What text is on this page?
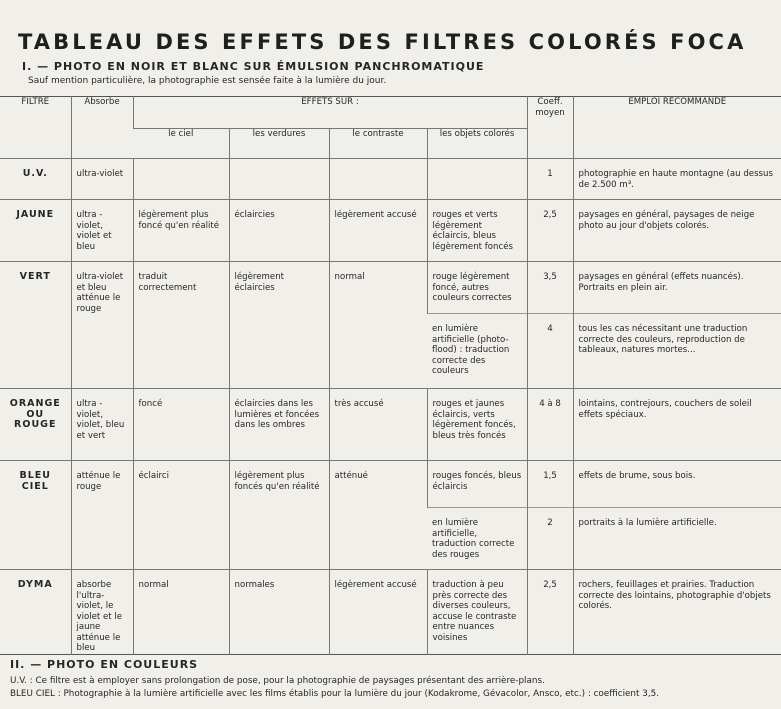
TABLEAU DES EFFETS DES FILTRES COLORÉS FOCA
I. — PHOTO EN NOIR ET BLANC SUR ÉMULSION PANCHROMATIQUE
Sauf mention particulière, la photographie est sensée faite à la lumière du jour.
FILTRE	Absorbe	EFFETS SUR :				Coeff. moyen	EMPLOI RECOMMANDÉ
		le ciel	les verdures	le contraste	les objets colorés		
U.V.	ultra-violet					1	photographie en haute montagne (au dessus de 2.500 m³.
JAUNE	ultra - violet, violet et bleu	légèrement plus foncé qu'en réalité	éclaircies	légèrement accusé	rouges et verts légèrement éclaircis, bleus légèrement foncés	2,5	paysages en général, paysages de neige photo au jour d'objets colorés.
VERT	ultra-violet et bleu atténue le rouge	traduit correctement	légèrement éclaircies	normal	rouge légèrement foncé, autres couleurs correctes	3,5	paysages en général (effets nuancés). Portraits en plein air.
					en lumière artificielle (photo-flood) : traduction correcte des couleurs	4	tous les cas nécessitant une traduction correcte des couleurs, reproduction de tableaux, natures mortes...
ORANGE OU ROUGE	ultra - violet, violet, bleu et vert	foncé	éclaircies dans les lumières et foncées dans les ombres	très accusé	rouges et jaunes éclaircis, verts légèrement foncés, bleus très foncés	4 à 8	lointains, contrejours, couchers de soleil effets spéciaux.
BLEU CIEL	atténue le rouge	éclairci	légèrement plus foncés qu'en réalité	atténué	rouges foncés, bleus éclaircis	1,5	effets de brume, sous bois.
					en lumière artificielle, traduction correcte des rouges	2	portraits à la lumière artificielle.
DYMA	absorbe l'ultra-violet, le violet et le jaune atténue le bleu	normal	normales	légèrement accusé	traduction à peu près correcte des diverses couleurs, accuse le contraste entre nuances voisines	2,5	rochers, feuillages et prairies. Traduction correcte des lointains, photographie d'objets colorés.
II. — PHOTO EN COULEURS
U.V. : Ce filtre est à employer sans prolongation de pose, pour la photographie de paysages présentant des arrière-plans.
BLEU CIEL : Photographie à la lumière artificielle avec les films établis pour la lumière du jour (Kodakrome, Gévacolor, Ansco, etc.) : coefficient 3,5.
